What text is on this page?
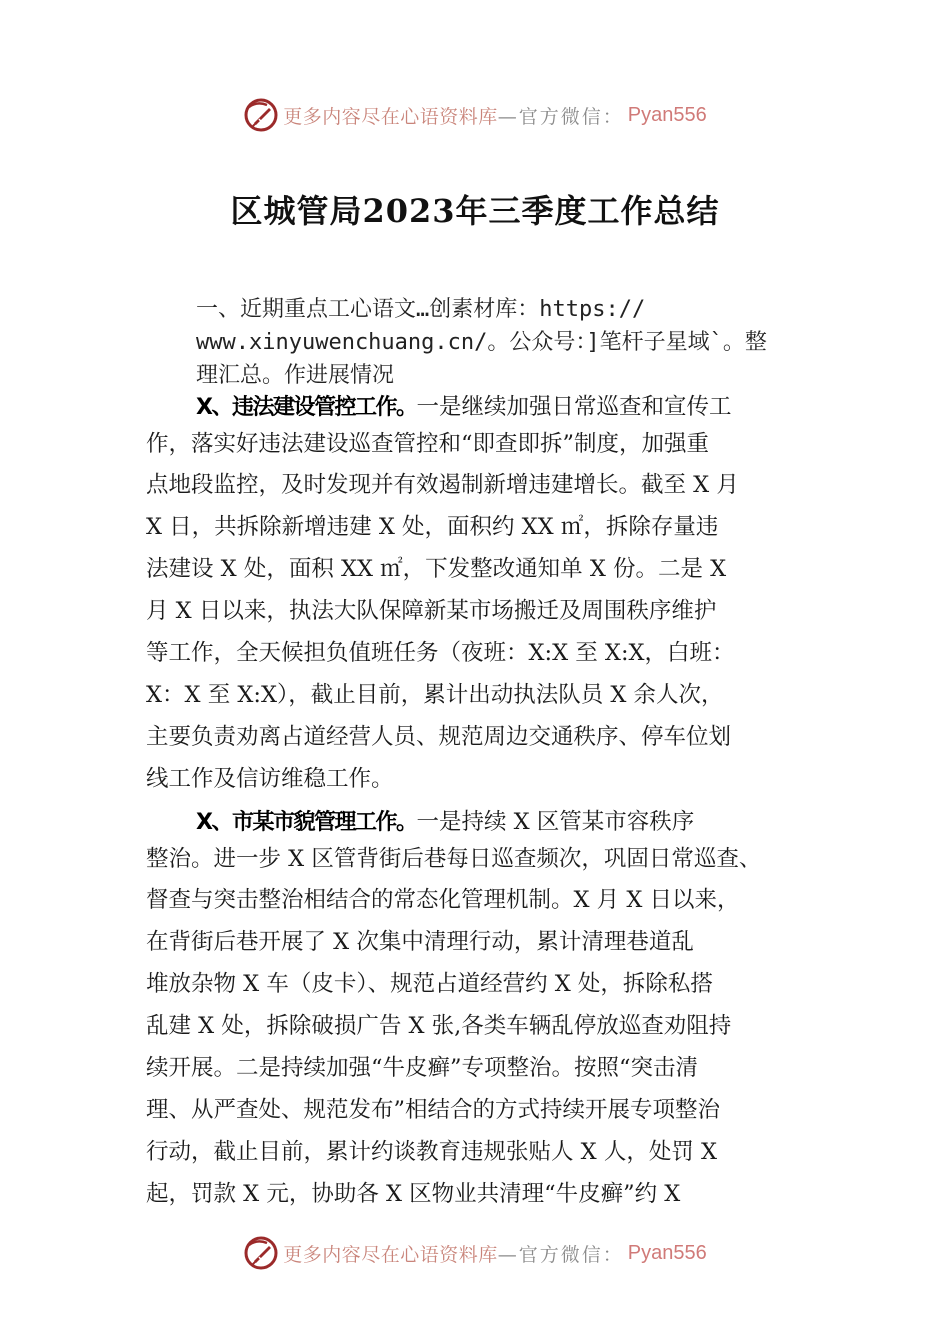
更多内容尽在心语资料库 —官方微信： Pyan556
区城管局2023年三季度工作总结
一、近期重点工心语文…创素材库：https://
www.xinyuwenchuang.cn/。公众号：]笔杆子星域`。整
理汇总。作进展情况
X、违法建设管控工作。一是继续加强日常巡查和宣传工
作，落实好违法建设巡查管控和“即查即拆”制度，加强重
点地段监控，及时发现并有效遏制新增违建增长。截至 X 月
X 日，共拆除新增违建 X 处，面积约 XX ㎡，拆除存量违
法建设 X 处，面积 XX ㎡，下发整改通知单 X 份。二是 X
月 X 日以来，执法大队保障新某市场搬迁及周围秩序维护
等工作，全天候担负值班任务（夜班：X:X 至 X:X，白班：
X：X 至 X:X），截止目前，累计出动执法队员 X 余人次，
主要负责劝离占道经营人员、规范周边交通秩序、停车位划
线工作及信访维稳工作。
X、市某市貌管理工作。一是持续 X 区管某市容秩序
整治。进一步 X 区管背街后巷每日巡查频次，巩固日常巡查、
督查与突击整治相结合的常态化管理机制。X 月 X 日以来，
在背街后巷开展了 X 次集中清理行动，累计清理巷道乱
堆放杂物 X 车（皮卡）、规范占道经营约 X 处，拆除私搭
乱建 X 处，拆除破损广告 X 张,各类车辆乱停放巡查劝阻持
续开展。二是持续加强“牛皮癣”专项整治。按照“突击清
理、从严查处、规范发布”相结合的方式持续开展专项整治
行动，截止目前，累计约谈教育违规张贴人 X 人，处罚 X
起，罚款 X 元，协助各 X 区物业共清理“牛皮癣”约 X
更多内容尽在心语资料库 —官方微信： Pyan556
